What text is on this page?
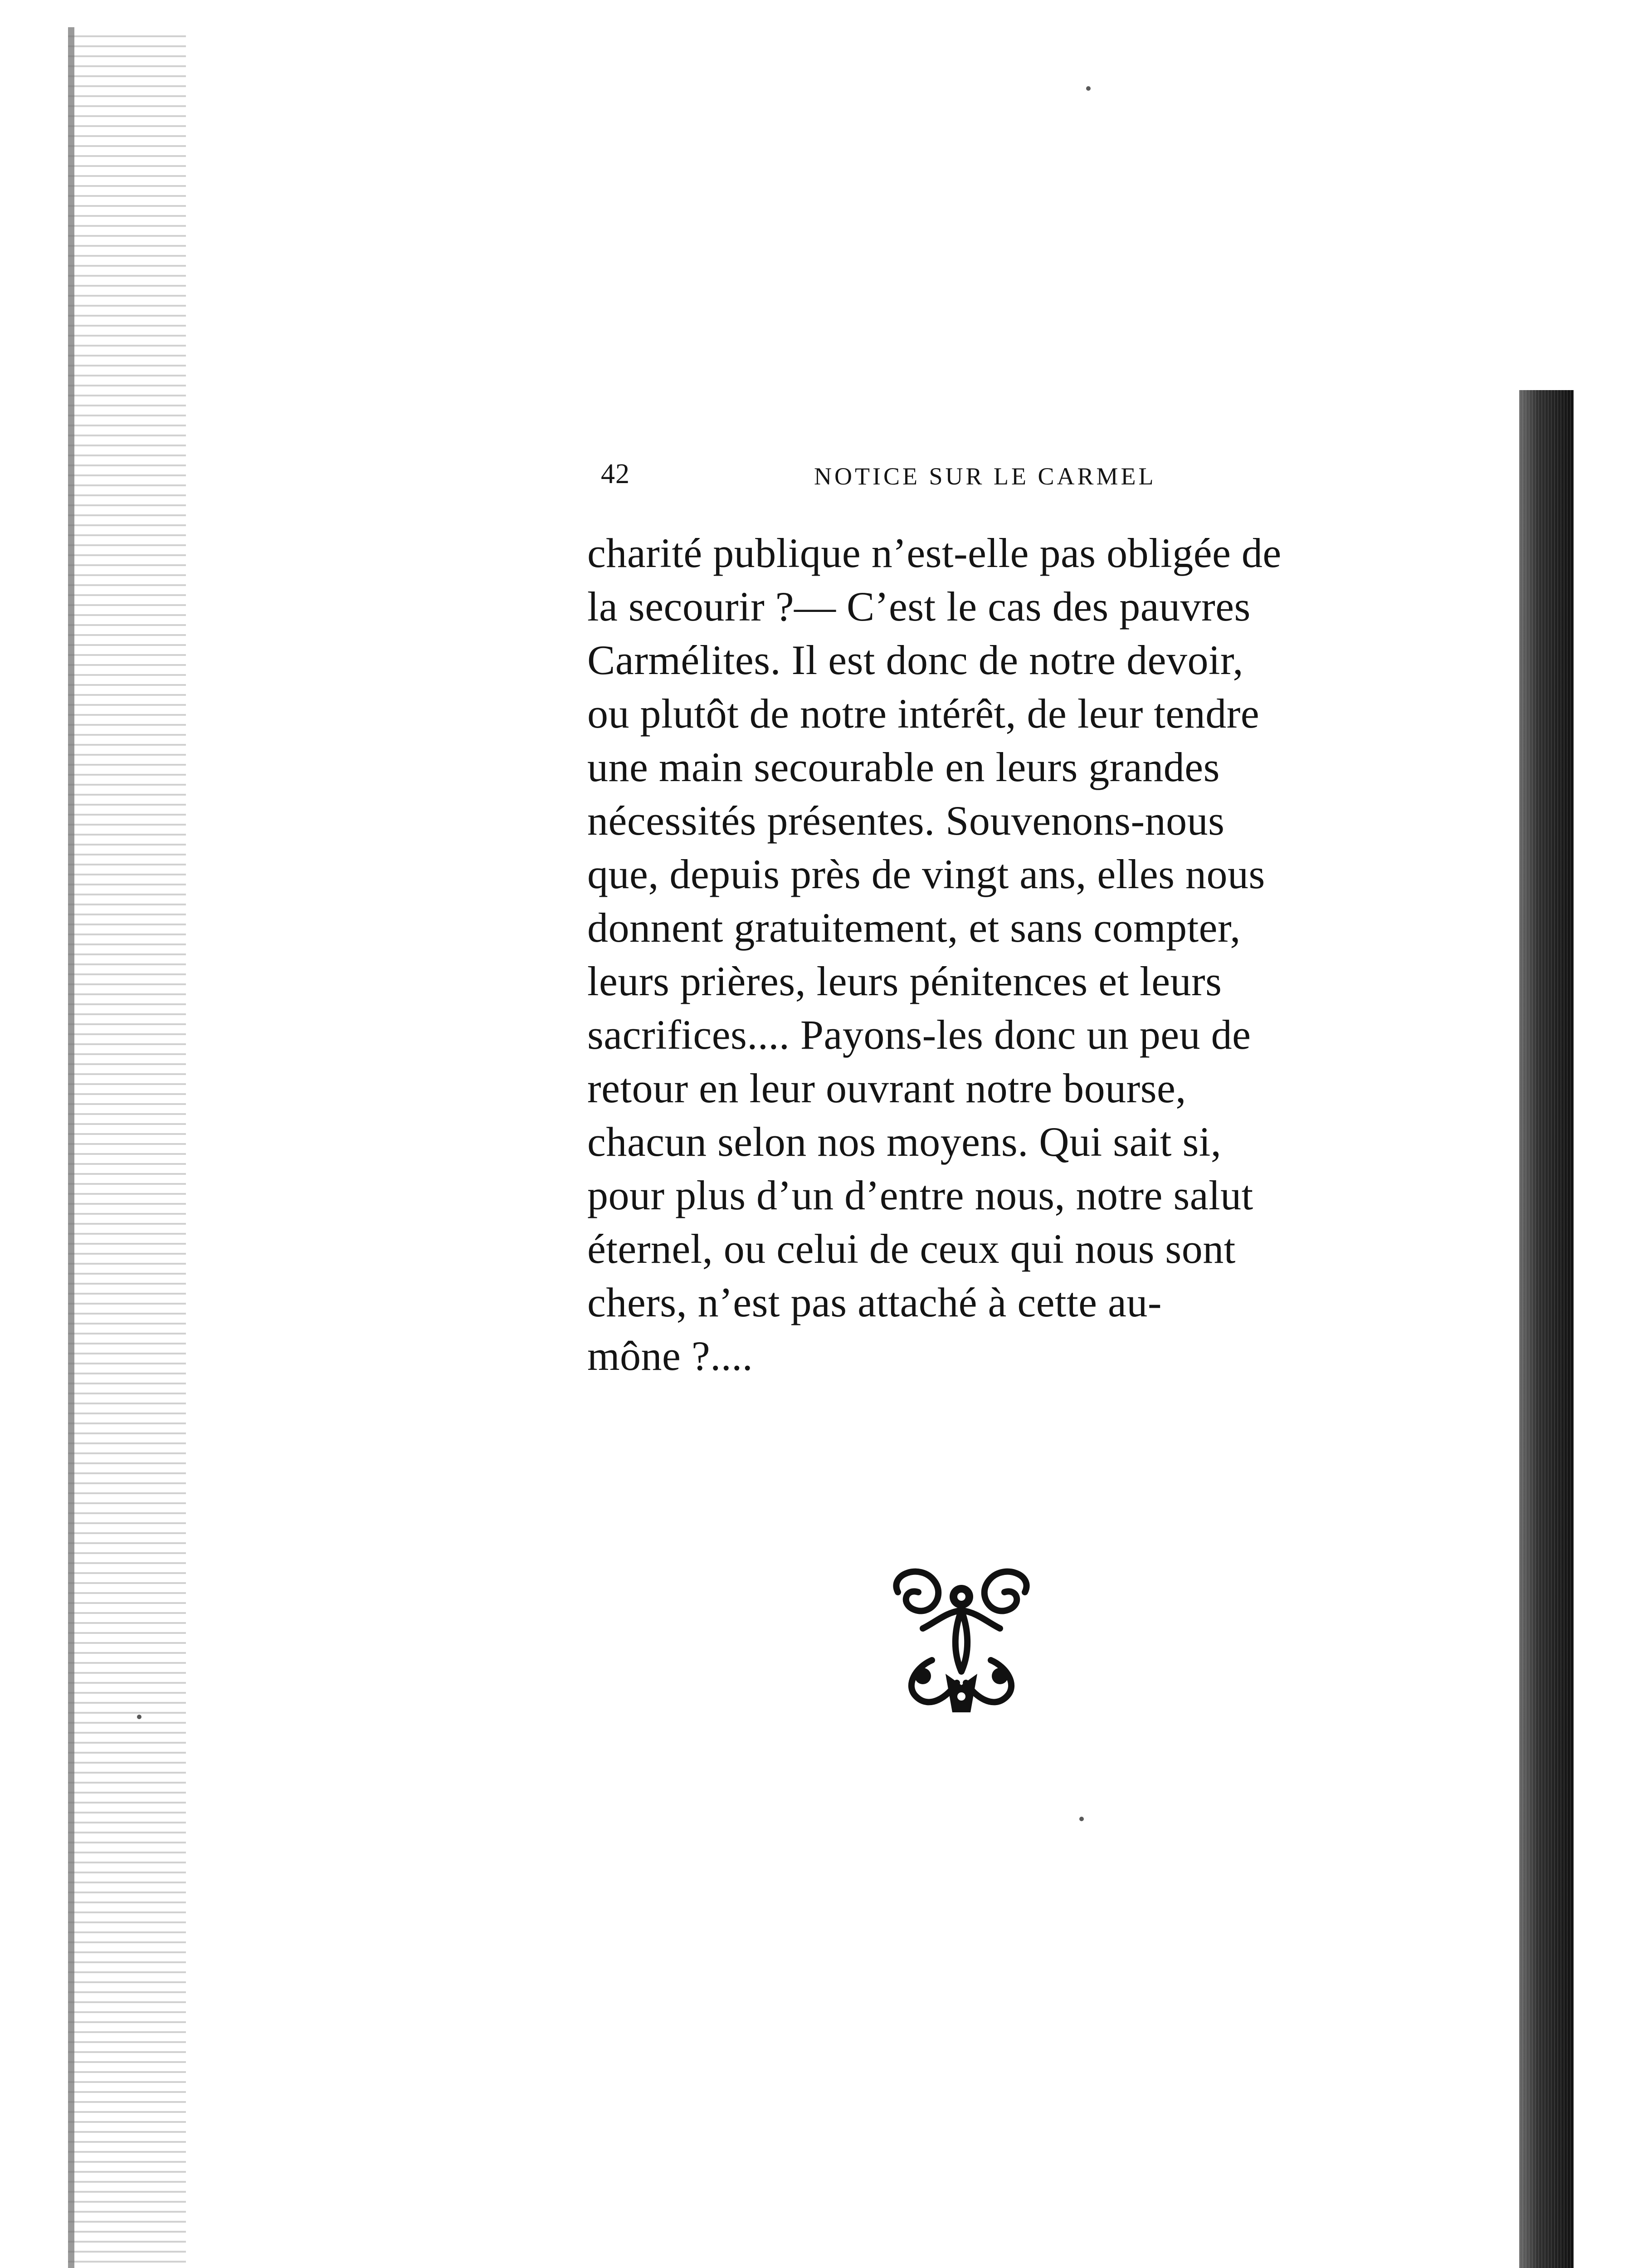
42	NOTICE SUR LE CARMEL
charité publique n’est-elle pas obligée de
la secourir ?— C’est le cas des pauvres
Carmélites. Il est donc de notre devoir,
ou plutôt de notre intérêt, de leur tendre
une main secourable en leurs grandes
nécessités présentes. Souvenons-nous
que, depuis près de vingt ans, elles nous
donnent gratuitement, et sans compter,
leurs prières, leurs pénitences et leurs
sacrifices.... Payons-les donc un peu de
retour en leur ouvrant notre bourse,
chacun selon nos moyens. Qui sait si,
pour plus d’un d’entre nous, notre salut
éternel, ou celui de ceux qui nous sont
chers, n’est pas attaché à cette au-
mône ?....
